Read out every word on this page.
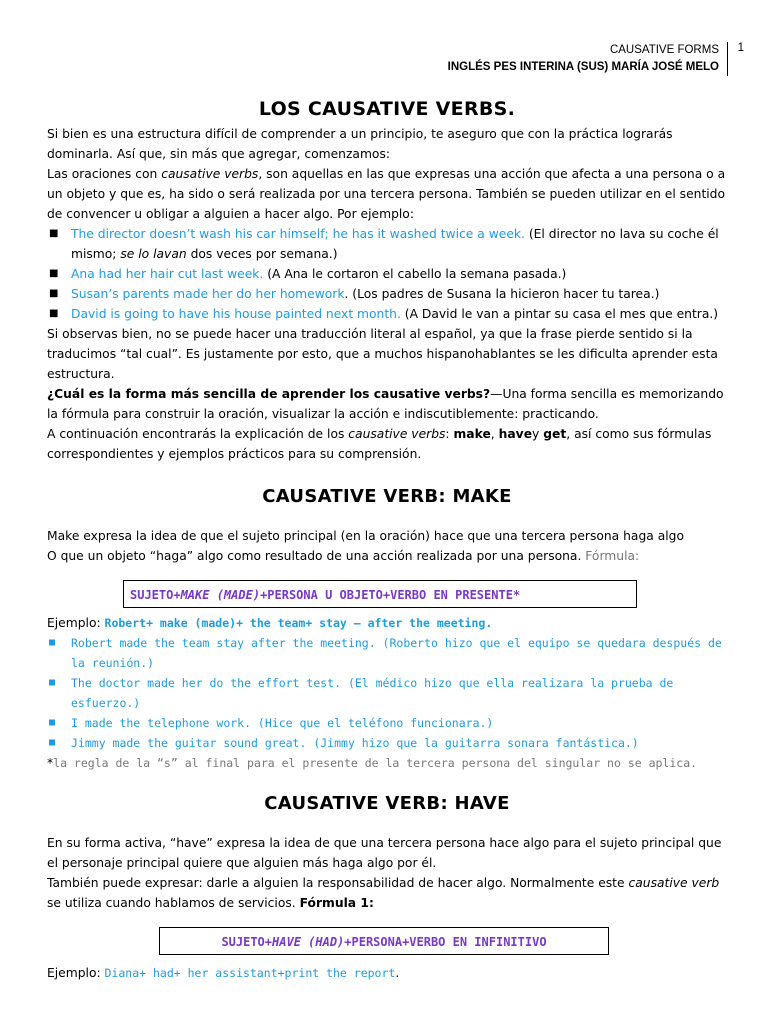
CAUSATIVE FORMS
INGLÉS PES INTERINA (SUS) MARÍA JOSÉ MELO
1
LOS CAUSATIVE VERBS.

Si bien es una estructura difícil de comprender a un principio, te aseguro que con la práctica lograrás dominarla. Así que, sin más que agregar, comenzamos:

Las oraciones con causative verbs, son aquellas en las que expresas una acción que afecta a una persona o a un objeto y que es, ha sido o será realizada por una tercera persona. También se pueden utilizar en el sentido de convencer u obligar a alguien a hacer algo. Por ejemplo:

■ The director doesn’t wash his car himself; he has it washed twice a week. (El director no lava su coche él mismo; se lo lavan dos veces por semana.)
■ Ana had her hair cut last week. (A Ana le cortaron el cabello la semana pasada.)
■ Susan’s parents made her do her homework. (Los padres de Susana la hicieron hacer tu tarea.)
■ David is going to have his house painted next month. (A David le van a pintar su casa el mes que entra.)

Si observas bien, no se puede hacer una traducción literal al español, ya que la frase pierde sentido si la traducimos “tal cual”. Es justamente por esto, que a muchos hispanohablantes se les dificulta aprender esta estructura.

¿Cuál es la forma más sencilla de aprender los causative verbs?—Una forma sencilla es memorizando la fórmula para construir la oración, visualizar la acción e indiscutiblemente: practicando.

A continuación encontrarás la explicación de los causative verbs: make, havey get, así como sus fórmulas correspondientes y ejemplos prácticos para su comprensión.

CAUSATIVE VERB: MAKE

Make expresa la idea de que el sujeto principal (en la oración) hace que una tercera persona haga algo

O que un objeto “haga” algo como resultado de una acción realizada por una persona. Fórmula:

SUJETO+MAKE (MADE)+PERSONA U OBJETO+VERBO EN PRESENTE*

Ejemplo: Robert+ make (made)+ the team+ stay – after the meeting.

■ Robert made the team stay after the meeting. (Roberto hizo que el equipo se quedara después de la reunión.)
■ The doctor made her do the effort test. (El médico hizo que ella realizara la prueba de esfuerzo.)
■ I made the telephone work. (Hice que el teléfono funcionara.)
■ Jimmy made the guitar sound great. (Jimmy hizo que la guitarra sonara fantástica.)

*la regla de la “s” al final para el presente de la tercera persona del singular no se aplica.

CAUSATIVE VERB: HAVE

En su forma activa, “have” expresa la idea de que una tercera persona hace algo para el sujeto principal que el personaje principal quiere que alguien más haga algo por él.

También puede expresar: darle a alguien la responsabilidad de hacer algo. Normalmente este causative verb se utiliza cuando hablamos de servicios. Fórmula 1:

SUJETO+HAVE (HAD)+PERSONA+VERBO EN INFINITIVO

Ejemplo: Diana+ had+ her assistant+print the report.
